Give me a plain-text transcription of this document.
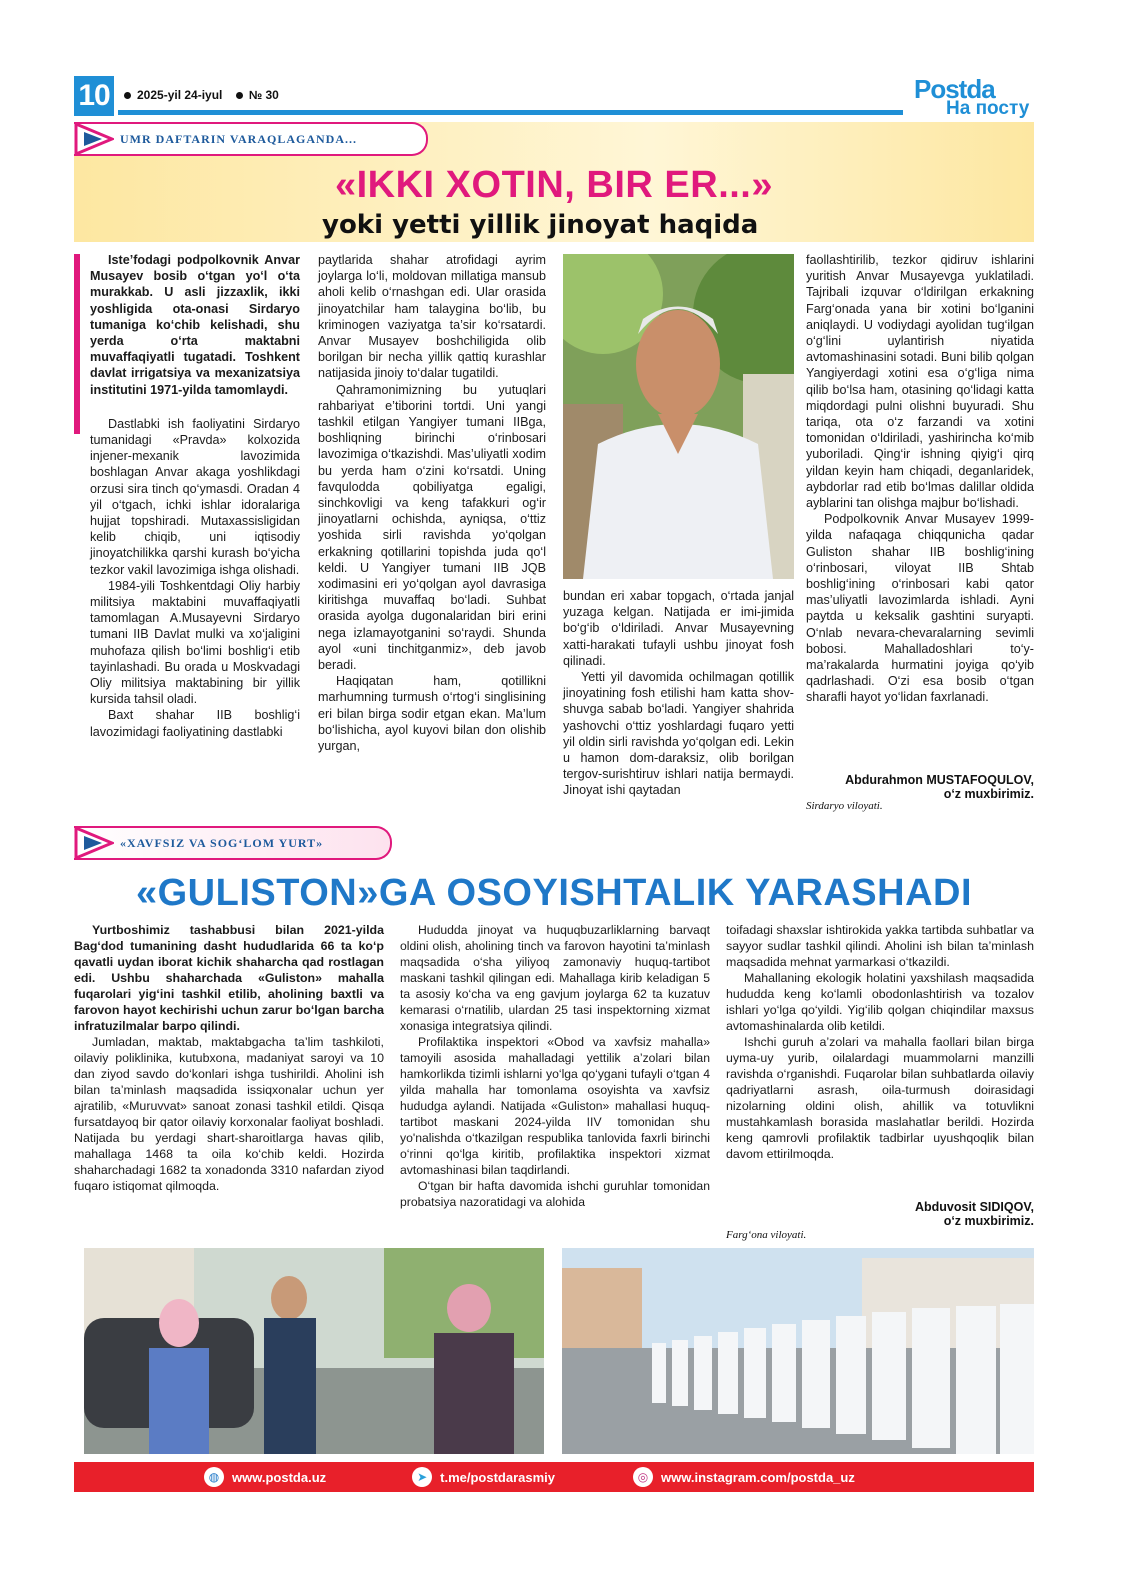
10	2025-yil 24-iyul № 30	Postda
На посту
UMR DAFTARIN VARAQLAGANDA...
«IKKI XOTIN, BIR ER...»
yoki yetti yillik jinoyat haqida

Iste’fodagi podpolkovnik Anvar Musayev bosib o‘tgan yo‘l o‘ta murakkab. U asli jizzaxlik, ikki yoshligida ota-onasi Sirdaryo tumaniga ko‘chib kelishadi, shu yerda o‘rta maktabni muvaffaqiyatli tugatadi. Toshkent davlat irrigatsiya va mexanizatsiya institutini 1971-yilda tamomlaydi.

Dastlabki ish faoliyatini Sirdaryo tumanidagi «Pravda» kolxozida injener-mexanik lavozimida boshlagan Anvar akaga yoshlikdagi orzusi sira tinch qo‘ymasdi. Oradan 4 yil o‘tgach, ichki ishlar idoralariga hujjat topshiradi. Mutaxassisligidan kelib chiqib, uni iqtisodiy jinoyatchilikka qarshi kurash bo‘yicha tezkor vakil lavozimiga ishga olishadi.

1984-yili Toshkentdagi Oliy harbiy militsiya maktabini muvaffaqiyatli tamomlagan A.Musayevni Sirdaryo tumani IIB Davlat mulki va xo‘jaligini muhofaza qilish bo‘limi boshlig‘i etib tayinlashadi. Bu orada u Moskvadagi Oliy militsiya maktabining bir yillik kursida tahsil oladi.

Baxt shahar IIB boshlig‘i lavozimidagi faoliyatining dastlabki

paytlarida shahar atrofidagi ayrim joylarga lo‘li, moldovan millatiga mansub aholi kelib o‘rnashgan edi. Ular orasida jinoyatchilar ham talaygina bo‘lib, bu kriminogen vaziyatga ta’sir ko‘rsatardi. Anvar Musayev boshchiligida olib borilgan bir necha yillik qattiq kurashlar natijasida jinoiy to‘dalar tugatildi.

Qahramonimizning bu yutuqlari rahbariyat e’tiborini tortdi. Uni yangi tashkil etilgan Yangiyer tumani IIBga, boshliqning birinchi o‘rinbosari lavozimiga o‘tkazishdi. Mas’uliyatli xodim bu yerda ham o‘zini ko‘rsatdi. Uning favqulodda qobiliyatga egaligi, sinchkovligi va keng tafakkuri og‘ir jinoyatlarni ochishda, ayniqsa, o‘ttiz yoshida sirli ravishda yo‘qolgan erkakning qotillarini topishda juda qo‘l keldi. U Yangiyer tumani IIB JQB xodimasini eri yo‘qolgan ayol davrasiga kiritishga muvaffaq bo‘ladi. Suhbat orasida ayolga dugonalaridan biri erini nega izlamayotganini so‘raydi. Shunda ayol «uni tinchitganmiz», deb javob beradi.

Haqiqatan ham, qotillikni marhumning turmush o‘rtog‘i singlisining eri bilan birga sodir etgan ekan. Ma’lum bo‘lishicha, ayol kuyovi bilan don olishib yurgan,

bundan eri xabar topgach, o‘rtada janjal yuzaga kelgan. Natijada er imi-jimida bo‘g‘ib o‘ldiriladi. Anvar Musayevning xatti-harakati tufayli ushbu jinoyat fosh qilinadi.

Yetti yil davomida ochilmagan qotillik jinoyatining fosh etilishi ham katta shov-shuvga sabab bo‘ladi. Yangiyer shahrida yashovchi o‘ttiz yoshlardagi fuqaro yetti yil oldin sirli ravishda yo‘qolgan edi. Lekin u hamon dom-daraksiz, olib borilgan tergov-surishtiruv ishlari natija bermaydi. Jinoyat ishi qaytadan

faollashtirilib, tezkor qidiruv ishlarini yuritish Anvar Musayevga yuklatiladi. Tajribali izquvar o‘ldirilgan erkakning Farg‘onada yana bir xotini bo‘lganini aniqlaydi. U vodiydagi ayolidan tug‘ilgan o‘g‘lini uylantirish niyatida avtomashinasini sotadi. Buni bilib qolgan Yangiyerdagi xotini esa o‘g‘liga nima qilib bo‘lsa ham, otasining qo‘lidagi katta miqdordagi pulni olishni buyuradi. Shu tariqa, ota o‘z farzandi va xotini tomonidan o‘ldiriladi, yashirincha ko‘mib yuboriladi. Qing‘ir ishning qiyig‘i qirq yildan keyin ham chiqadi, deganlaridek, aybdorlar rad etib bo‘lmas dalillar oldida ayblarini tan olishga majbur bo‘lishadi.

Podpolkovnik Anvar Musayev 1999-yilda nafaqaga chiqqunicha qadar Guliston shahar IIB boshlig‘ining o‘rinbosari, viloyat IIB Shtab boshlig‘ining o‘rinbosari kabi qator mas’uliyatli lavozimlarda ishladi. Ayni paytda u keksalik gashtini suryapti. O‘nlab nevara-chevaralarning sevimli bobosi. Mahalladoshlari to‘y-ma’rakalarda hurmatini joyiga qo‘yib qadrlashadi. O‘zi esa bosib o‘tgan sharafli hayot yo‘lidan faxrlanadi.

Abdurahmon MUSTAFOQULOV,
o‘z muxbirimiz.
Sirdaryo viloyati.
«XAVFSIZ VA SOG‘LOM YURT»
«GULISTON»GA OSOYISHTALIK YARASHADI

Yurtboshimiz tashabbusi bilan 2021-yilda Bag‘dod tumanining dasht hududlarida 66 ta ko‘p qavatli uydan iborat kichik shaharcha qad rostlagan edi. Ushbu shaharchada «Guliston» mahalla fuqarolari yig‘ini tashkil etilib, aholining baxtli va farovon hayot kechirishi uchun zarur bo‘lgan barcha infratuzilmalar barpo qilindi.

Jumladan, maktab, maktabgacha ta’lim tashkiloti, oilaviy poliklinika, kutubxona, madaniyat saroyi va 10 dan ziyod savdo do‘konlari ishga tushirildi. Aholini ish bilan ta’minlash maqsadida issiqxonalar uchun yer ajratilib, «Muruvvat» sanoat zonasi tashkil etildi. Qisqa fursatdayoq bir qator oilaviy korxonalar faoliyat boshladi. Natijada bu yerdagi shart-sharoitlarga havas qilib, mahallaga 1468 ta oila ko‘chib keldi. Hozirda shaharchadagi 1682 ta xonadonda 3310 nafardan ziyod fuqaro istiqomat qilmoqda.

Hududda jinoyat va huquqbuzarliklarning barvaqt oldini olish, aholining tinch va farovon hayotini ta’minlash maqsadida o‘sha yiliyoq zamonaviy huquq-tartibot maskani tashkil qilingan edi. Mahallaga kirib keladigan 5 ta asosiy ko‘cha va eng gavjum joylarga 62 ta kuzatuv kemarasi o‘rnatilib, ulardan 25 tasi inspektorning xizmat xonasiga integratsiya qilindi.

Profilaktika inspektori «Obod va xavfsiz mahalla» tamoyili asosida mahalladagi yettilik a’zolari bilan hamkorlikda tizimli ishlarni yo‘lga qo‘ygani tufayli o‘tgan 4 yilda mahalla har tomonlama osoyishta va xavfsiz hududga aylandi. Natijada «Guliston» mahallasi huquq-tartibot maskani 2024-yilda IIV tomonidan shu yo'nalishda o‘tkazilgan respublika tanlovida faxrli birinchi o‘rinni qo‘lga kiritib, profilaktika inspektori xizmat avtomashinasi bilan taqdirlandi.

O‘tgan bir hafta davomida ishchi guruhlar tomonidan probatsiya nazoratidagi va alohida

toifadagi shaxslar ishtirokida yakka tartibda suhbatlar va sayyor sudlar tashkil qilindi. Aholini ish bilan ta’minlash maqsadida mehnat yarmarkasi o‘tkazildi.

Mahallaning ekologik holatini yaxshilash maqsadida hududda keng ko‘lamli obodonlashtirish va tozalov ishlari yo‘lga qo‘yildi. Yig‘ilib qolgan chiqindilar maxsus avtomashinalarda olib ketildi.

Ishchi guruh a’zolari va mahalla faollari bilan birga uyma-uy yurib, oilalardagi muammolarni manzilli ravishda o‘rganishdi. Fuqarolar bilan suhbatlarda oilaviy qadriyatlarni asrash, oila-turmush doirasidagi nizolarning oldini olish, ahillik va totuvlikni mustahkamlash borasida maslahatlar berildi. Hozirda keng qamrovli profilaktik tadbirlar uyushqoqlik bilan davom ettirilmoqda.

Abduvosit SIDIQOV,
o‘z muxbirimiz.
Farg‘ona viloyati.
◍ www.postda.uz	➤ t.me/postdarasmiy	◎ www.instagram.com/postda_uz
